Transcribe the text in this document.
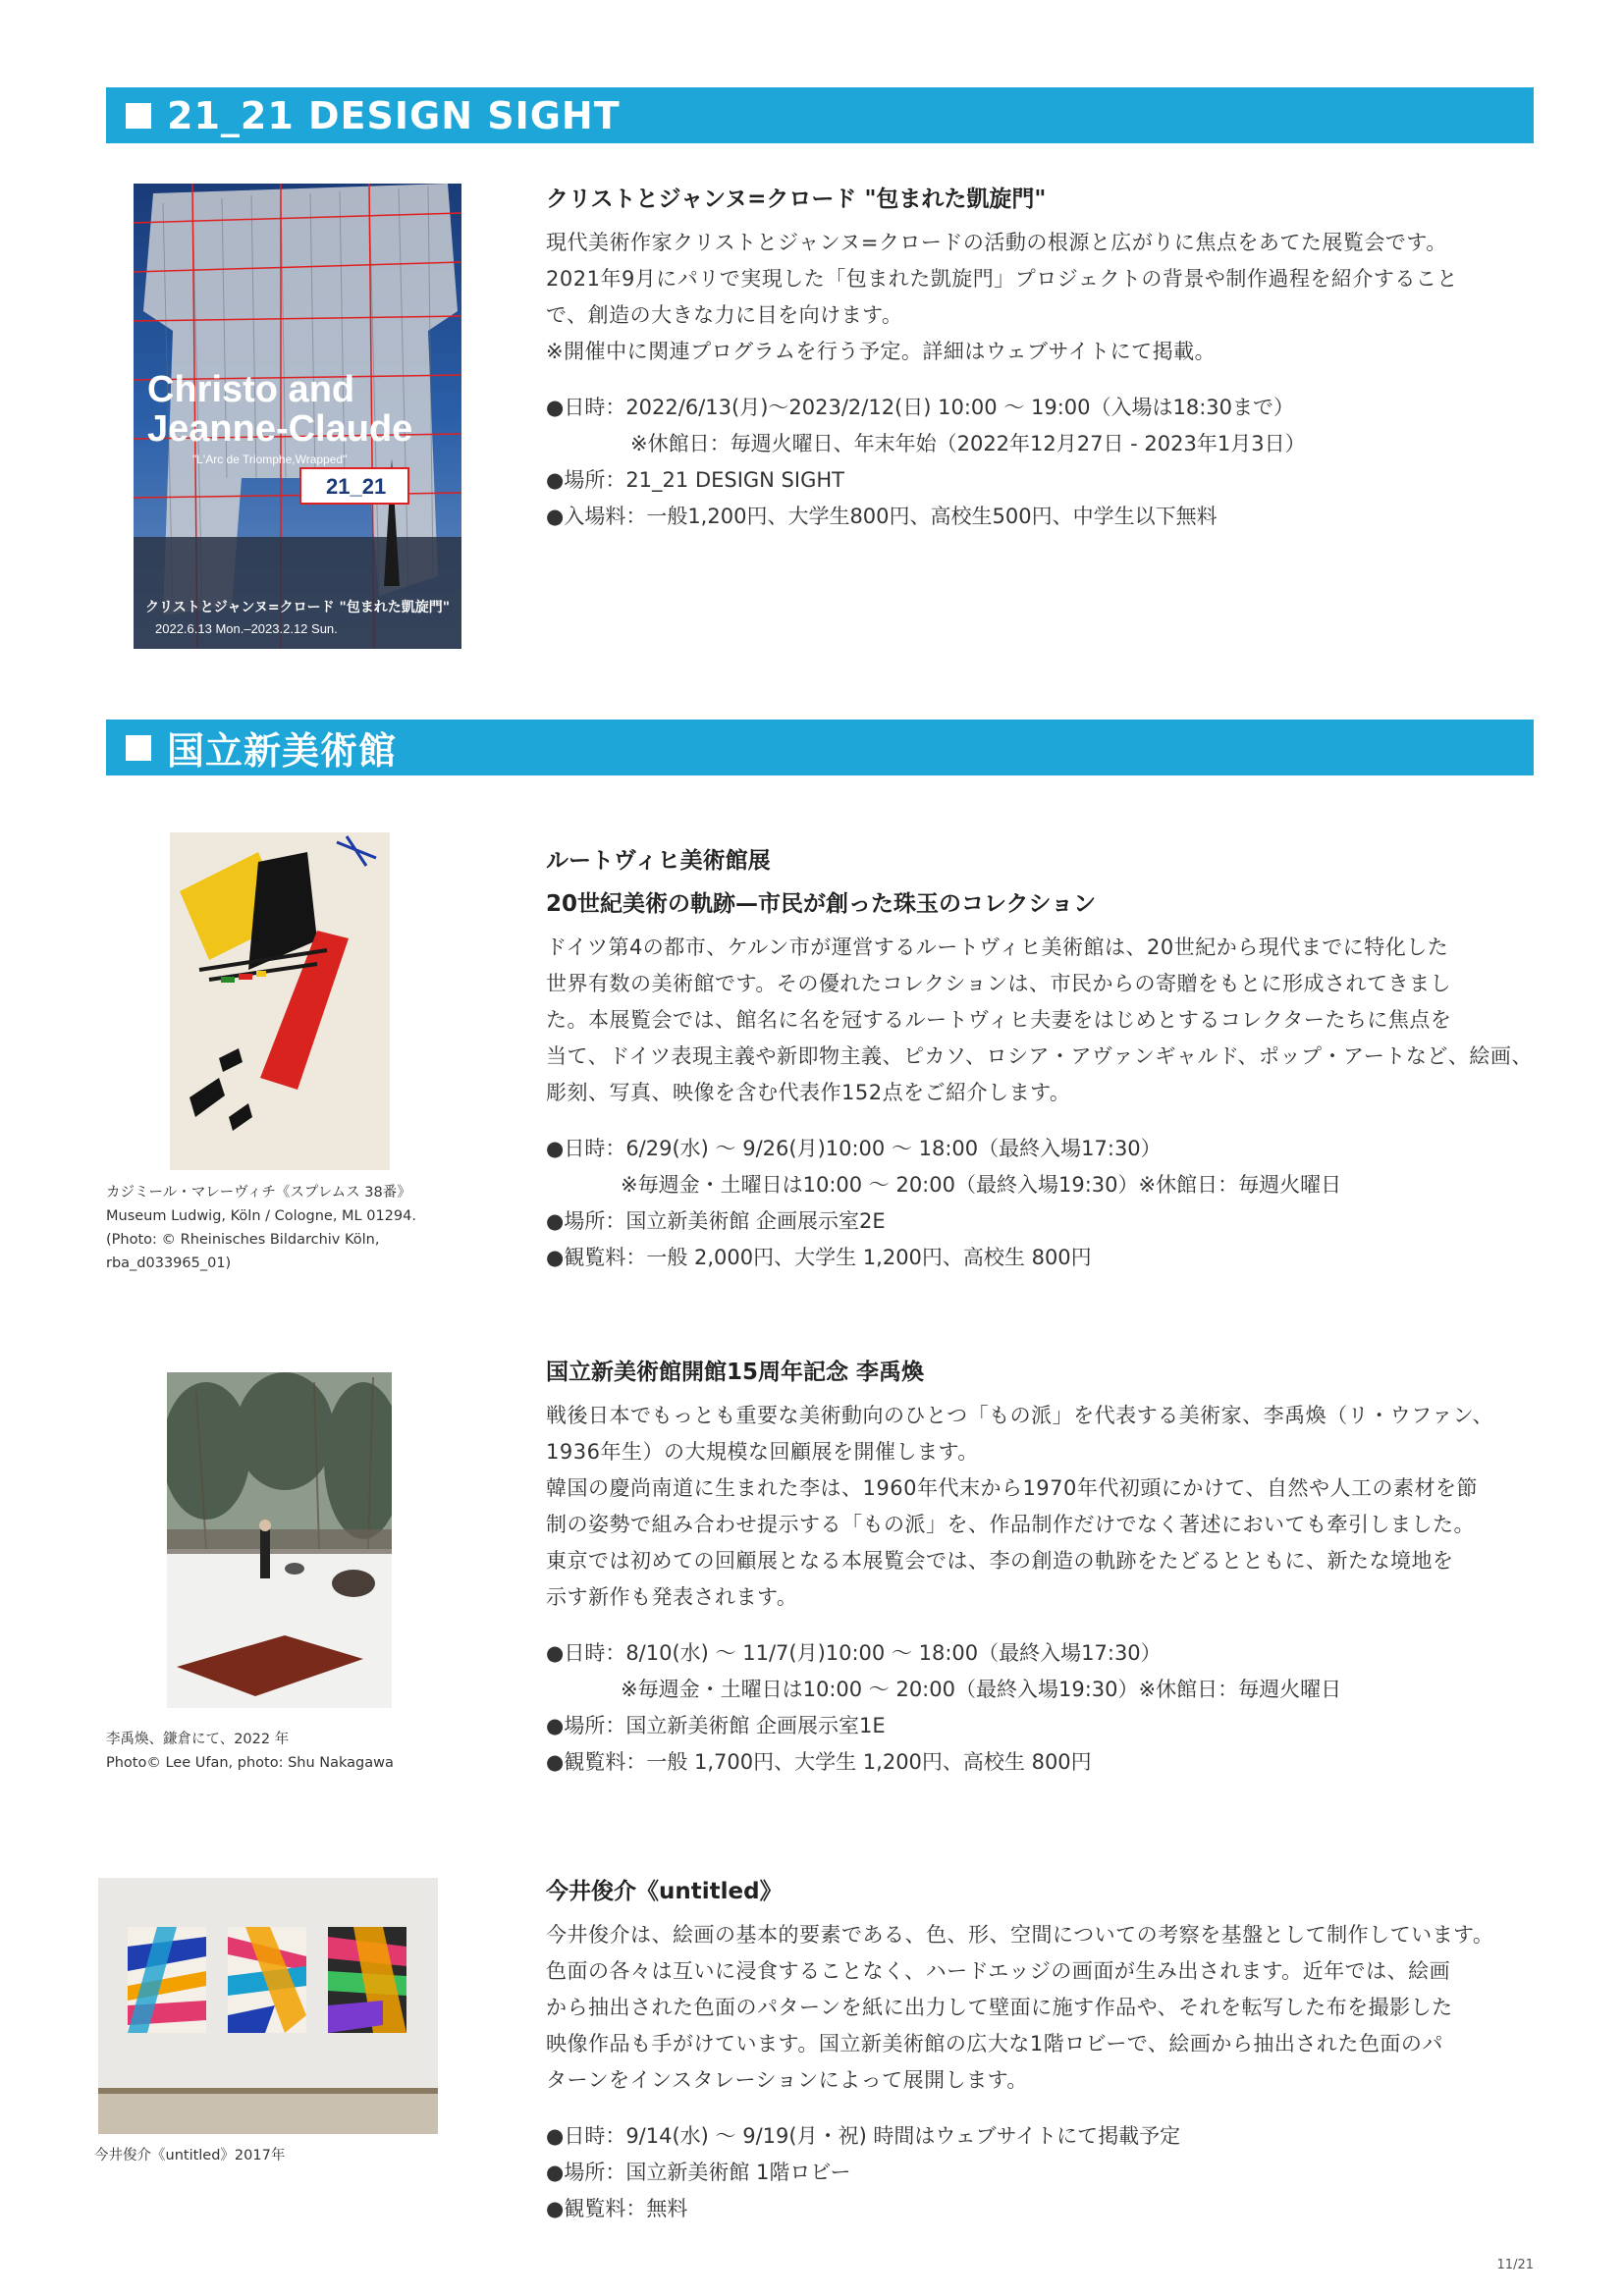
21_21 DESIGN SIGHT
Christo and
Jeanne-Claude
"L'Arc de Triomphe,Wrapped"
21_21
クリストとジャンヌ=クロード "包まれた凱旋門"
2022.6.13 Mon.–2023.2.12 Sun.
クリストとジャンヌ=クロード "包まれた凱旋門"
現代美術作家クリストとジャンヌ=クロードの活動の根源と広がりに焦点をあてた展覧会です。
2021年9月にパリで実現した「包まれた凱旋門」プロジェクトの背景や制作過程を紹介すること
で、創造の大きな力に目を向けます。
※開催中に関連プログラムを行う予定。詳細はウェブサイトにて掲載。
●日時：2022/6/13(月)〜2023/2/12(日) 10:00 〜 19:00（入場は18:30まで）
※休館日：毎週火曜日、年末年始（2022年12月27日 - 2023年1月3日）
●場所：21_21 DESIGN SIGHT
●入場料：一般1,200円、大学生800円、高校生500円、中学生以下無料
国立新美術館
カジミール・マレーヴィチ《スプレムス 38番》
Museum Ludwig, Köln / Cologne, ML 01294.
(Photo: © Rheinisches Bildarchiv Köln,
rba_d033965_01)
ルートヴィヒ美術館展
20世紀美術の軌跡—市民が創った珠玉のコレクション
ドイツ第4の都市、ケルン市が運営するルートヴィヒ美術館は、20世紀から現代までに特化した
世界有数の美術館です。その優れたコレクションは、市民からの寄贈をもとに形成されてきまし
た。本展覧会では、館名に名を冠するルートヴィヒ夫妻をはじめとするコレクターたちに焦点を
当て、ドイツ表現主義や新即物主義、ピカソ、ロシア・アヴァンギャルド、ポップ・アートなど、絵画、
彫刻、写真、映像を含む代表作152点をご紹介します。
●日時：6/29(水) 〜 9/26(月)10:00 〜 18:00（最終入場17:30）
※毎週金・土曜日は10:00 〜 20:00（最終入場19:30）※休館日：毎週火曜日
●場所：国立新美術館 企画展示室2E
●観覧料：一般 2,000円、大学生 1,200円、高校生 800円
李禹煥、鎌倉にて、2022 年
Photo© Lee Ufan, photo: Shu Nakagawa
国立新美術館開館15周年記念 李禹煥
戦後日本でもっとも重要な美術動向のひとつ「もの派」を代表する美術家、李禹煥（リ・ウファン、
1936年生）の大規模な回顧展を開催します。
韓国の慶尚南道に生まれた李は、1960年代末から1970年代初頭にかけて、自然や人工の素材を節
制の姿勢で組み合わせ提示する「もの派」を、作品制作だけでなく著述においても牽引しました。
東京では初めての回顧展となる本展覧会では、李の創造の軌跡をたどるとともに、新たな境地を
示す新作も発表されます。
●日時：8/10(水) 〜 11/7(月)10:00 〜 18:00（最終入場17:30）
※毎週金・土曜日は10:00 〜 20:00（最終入場19:30）※休館日：毎週火曜日
●場所：国立新美術館 企画展示室1E
●観覧料：一般 1,700円、大学生 1,200円、高校生 800円
今井俊介《untitled》2017年
今井俊介《untitled》
今井俊介は、絵画の基本的要素である、色、形、空間についての考察を基盤として制作しています。
色面の各々は互いに浸食することなく、ハードエッジの画面が生み出されます。近年では、絵画
から抽出された色面のパターンを紙に出力して壁面に施す作品や、それを転写した布を撮影した
映像作品も手がけています。国立新美術館の広大な1階ロビーで、絵画から抽出された色面のパ
ターンをインスタレーションによって展開します。
●日時：9/14(水) 〜 9/19(月・祝) 時間はウェブサイトにて掲載予定
●場所：国立新美術館 1階ロビー
●観覧料：無料
11/21
